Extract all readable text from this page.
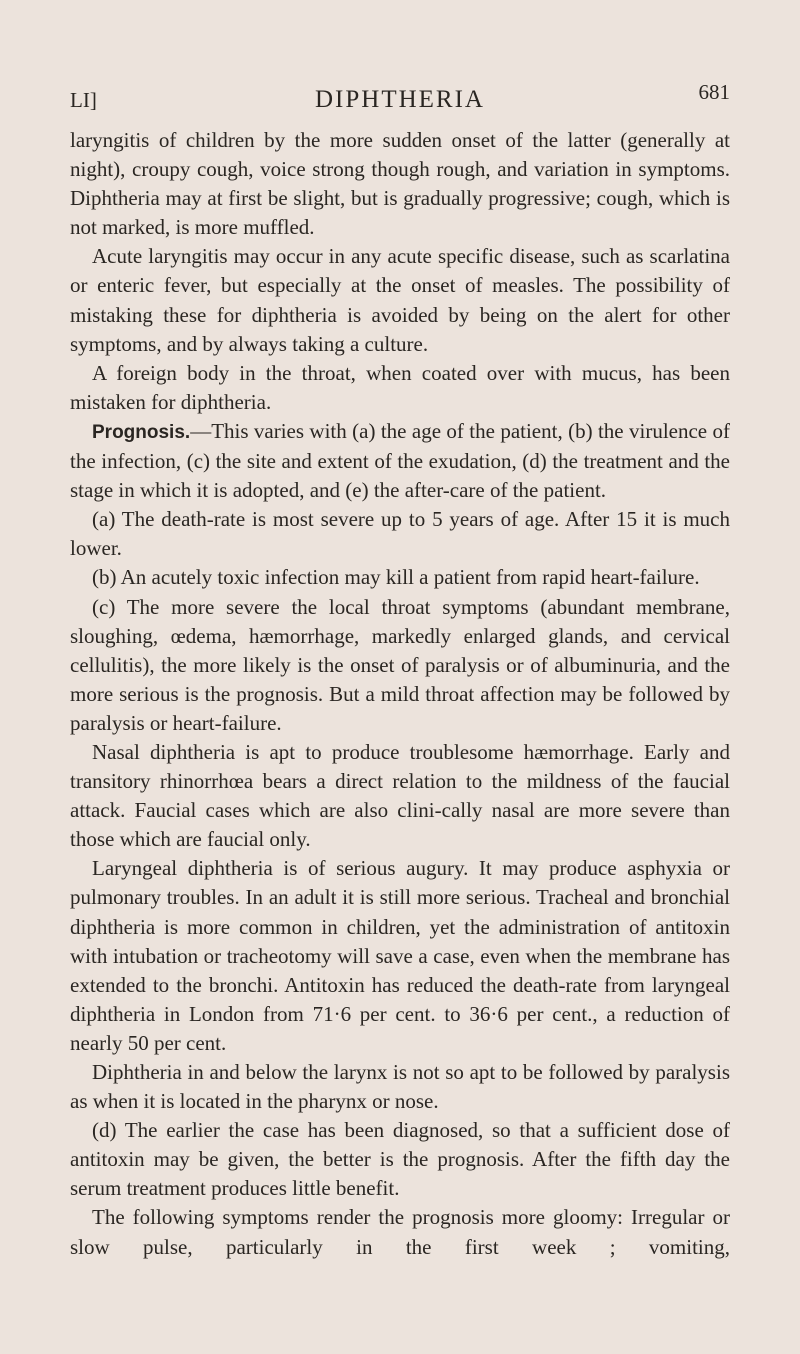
LI]	DIPHTHERIA	681

laryngitis of children by the more sudden onset of the latter (generally at night), croupy cough, voice strong though rough, and variation in symptoms. Diphtheria may at first be slight, but is gradually progressive; cough, which is not marked, is more muffled.

Acute laryngitis may occur in any acute specific disease, such as scarlatina or enteric fever, but especially at the onset of measles. The possibility of mistaking these for diphtheria is avoided by being on the alert for other symptoms, and by always taking a culture.

A foreign body in the throat, when coated over with mucus, has been mistaken for diphtheria.

Prognosis.—This varies with (a) the age of the patient, (b) the virulence of the infection, (c) the site and extent of the exudation, (d) the treatment and the stage in which it is adopted, and (e) the after-care of the patient.

(a) The death-rate is most severe up to 5 years of age. After 15 it is much lower.

(b) An acutely toxic infection may kill a patient from rapid heart-failure.

(c) The more severe the local throat symptoms (abundant membrane, sloughing, œdema, hæmorrhage, markedly enlarged glands, and cervical cellulitis), the more likely is the onset of paralysis or of albuminuria, and the more serious is the prognosis. But a mild throat affection may be followed by paralysis or heart-failure.

Nasal diphtheria is apt to produce troublesome hæmorrhage. Early and transitory rhinorrhœa bears a direct relation to the mildness of the faucial attack. Faucial cases which are also clini-cally nasal are more severe than those which are faucial only.

Laryngeal diphtheria is of serious augury. It may produce asphyxia or pulmonary troubles. In an adult it is still more serious. Tracheal and bronchial diphtheria is more common in children, yet the administration of antitoxin with intubation or tracheotomy will save a case, even when the membrane has extended to the bronchi. Antitoxin has reduced the death-rate from laryngeal diphtheria in London from 71·6 per cent. to 36·6 per cent., a reduction of nearly 50 per cent.

Diphtheria in and below the larynx is not so apt to be followed by paralysis as when it is located in the pharynx or nose.

(d) The earlier the case has been diagnosed, so that a sufficient dose of antitoxin may be given, the better is the prognosis. After the fifth day the serum treatment produces little benefit.

The following symptoms render the prognosis more gloomy: Irregular or slow pulse, particularly in the first week ; vomiting,
